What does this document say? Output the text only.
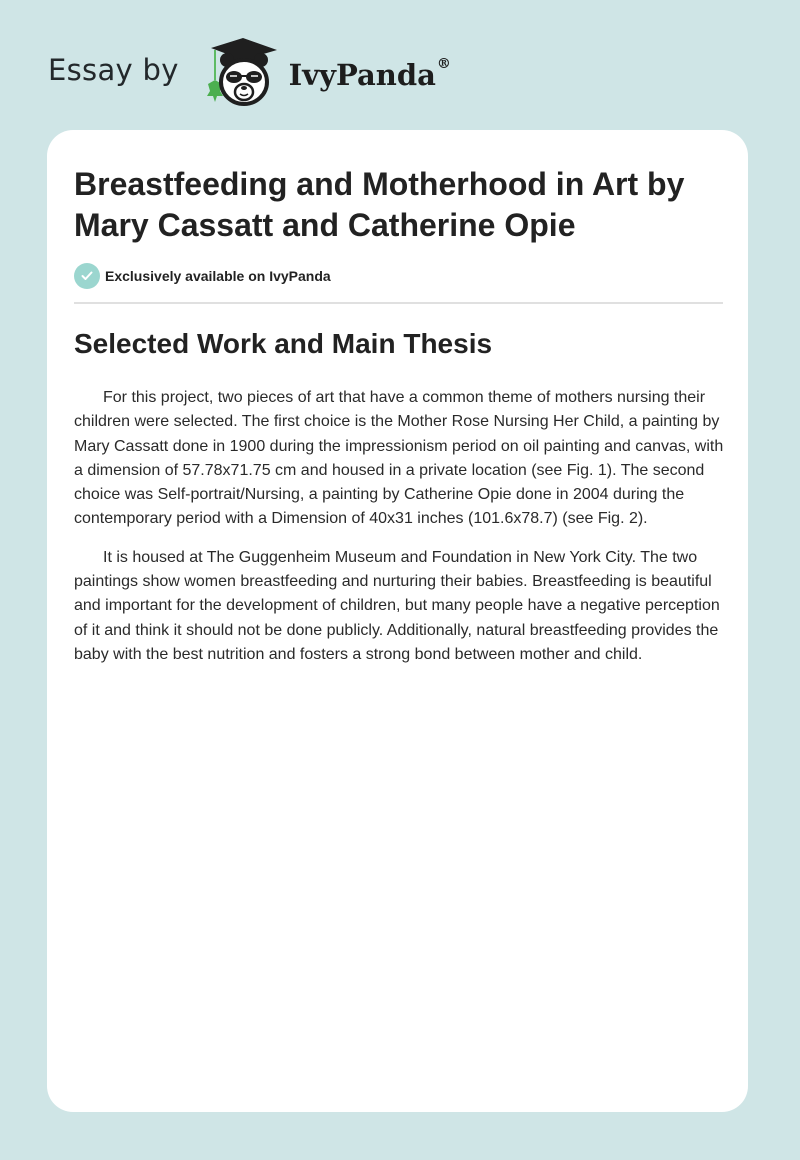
Essay by	IvyPanda®
Breastfeeding and Motherhood in Art by Mary Cassatt and Catherine Opie
Exclusively available on IvyPanda
Selected Work and Main Thesis

For this project, two pieces of art that have a common theme of mothers nursing their children were selected. The first choice is the Mother Rose Nursing Her Child, a painting by Mary Cassatt done in 1900 during the impressionism period on oil painting and canvas, with a dimension of 57.78x71.75 cm and housed in a private location (see Fig. 1). The second choice was Self-portrait/Nursing, a painting by Catherine Opie done in 2004 during the contemporary period with a Dimension of 40x31 inches (101.6x78.7) (see Fig. 2).

It is housed at The Guggenheim Museum and Foundation in New York City. The two paintings show women breastfeeding and nurturing their babies. Breastfeeding is beautiful and important for the development of children, but many people have a negative perception of it and think it should not be done publicly. Additionally, natural breastfeeding provides the baby with the best nutrition and fosters a strong bond between mother and child.
